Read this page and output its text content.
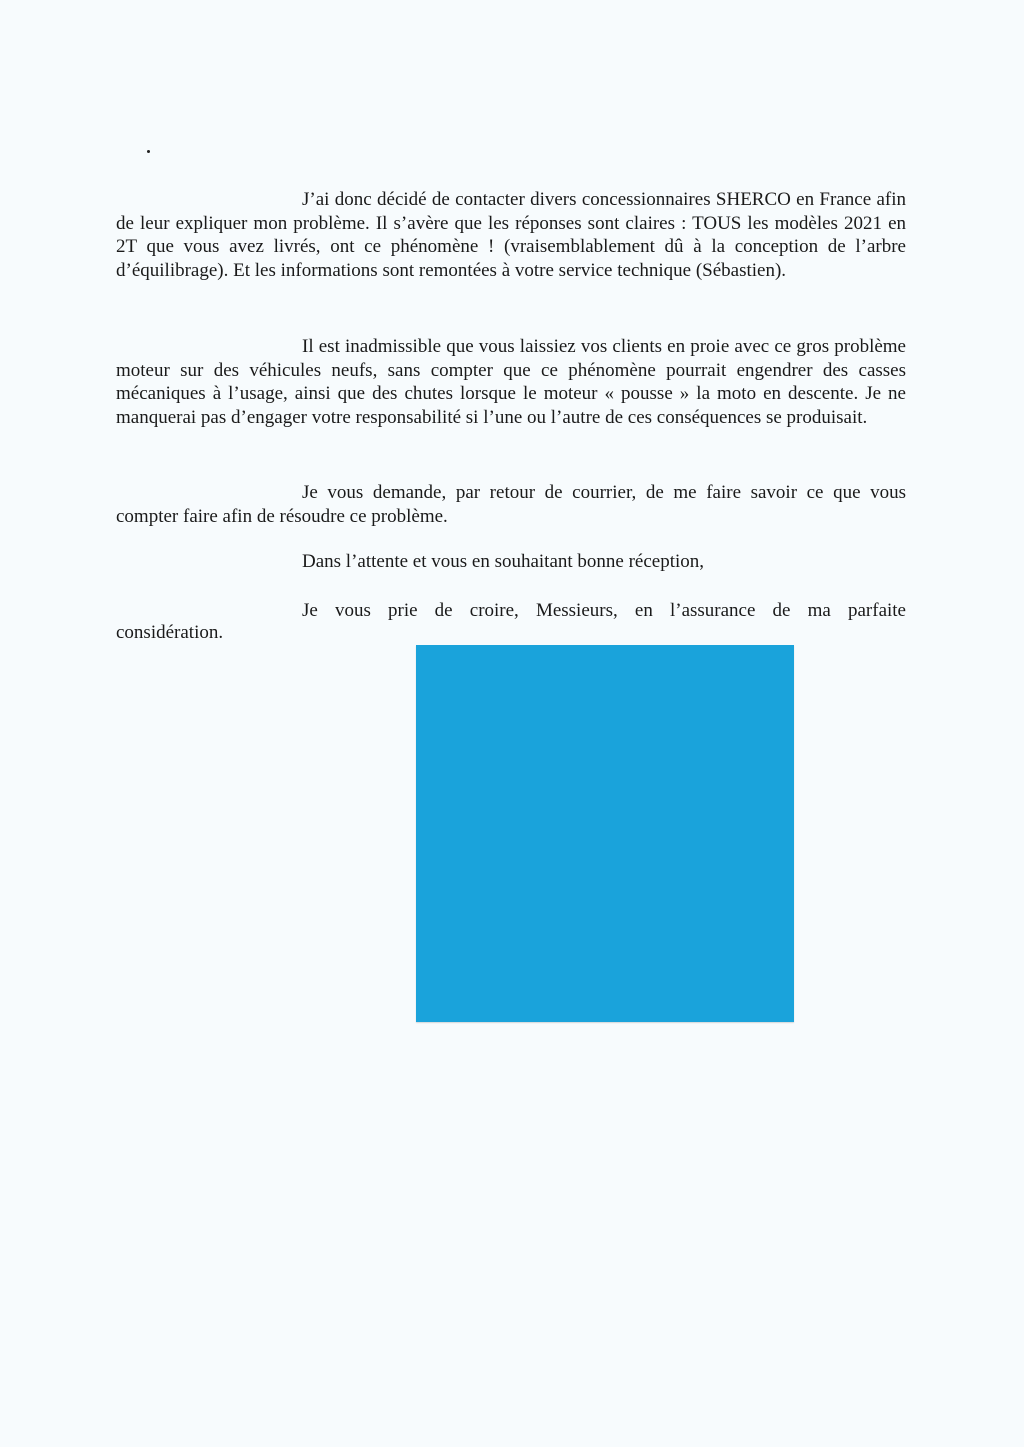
J’ai donc décidé de contacter divers concessionnaires SHERCO en France afin de leur expliquer mon problème. Il s’avère que les réponses sont claires : TOUS les modèles 2021 en 2T que vous avez livrés, ont ce phénomène ! (vraisemblablement dû à la conception de l’arbre d’équilibrage). Et les informations sont remontées à votre service technique (Sébastien).

Il est inadmissible que vous laissiez vos clients en proie avec ce gros problème moteur sur des véhicules neufs, sans compter que ce phénomène pourrait engendrer des casses mécaniques à l’usage, ainsi que des chutes lorsque le moteur « pousse » la moto en descente. Je ne manquerai pas d’engager votre responsabilité si l’une ou l’autre de ces conséquences se produisait.

Je vous demande, par retour de courrier, de me faire savoir ce que vous compter faire afin de résoudre ce problème.

Dans l’attente et vous en souhaitant bonne réception,

Je vous prie de croire, Messieurs, en l’assurance de ma parfaite

considération.
